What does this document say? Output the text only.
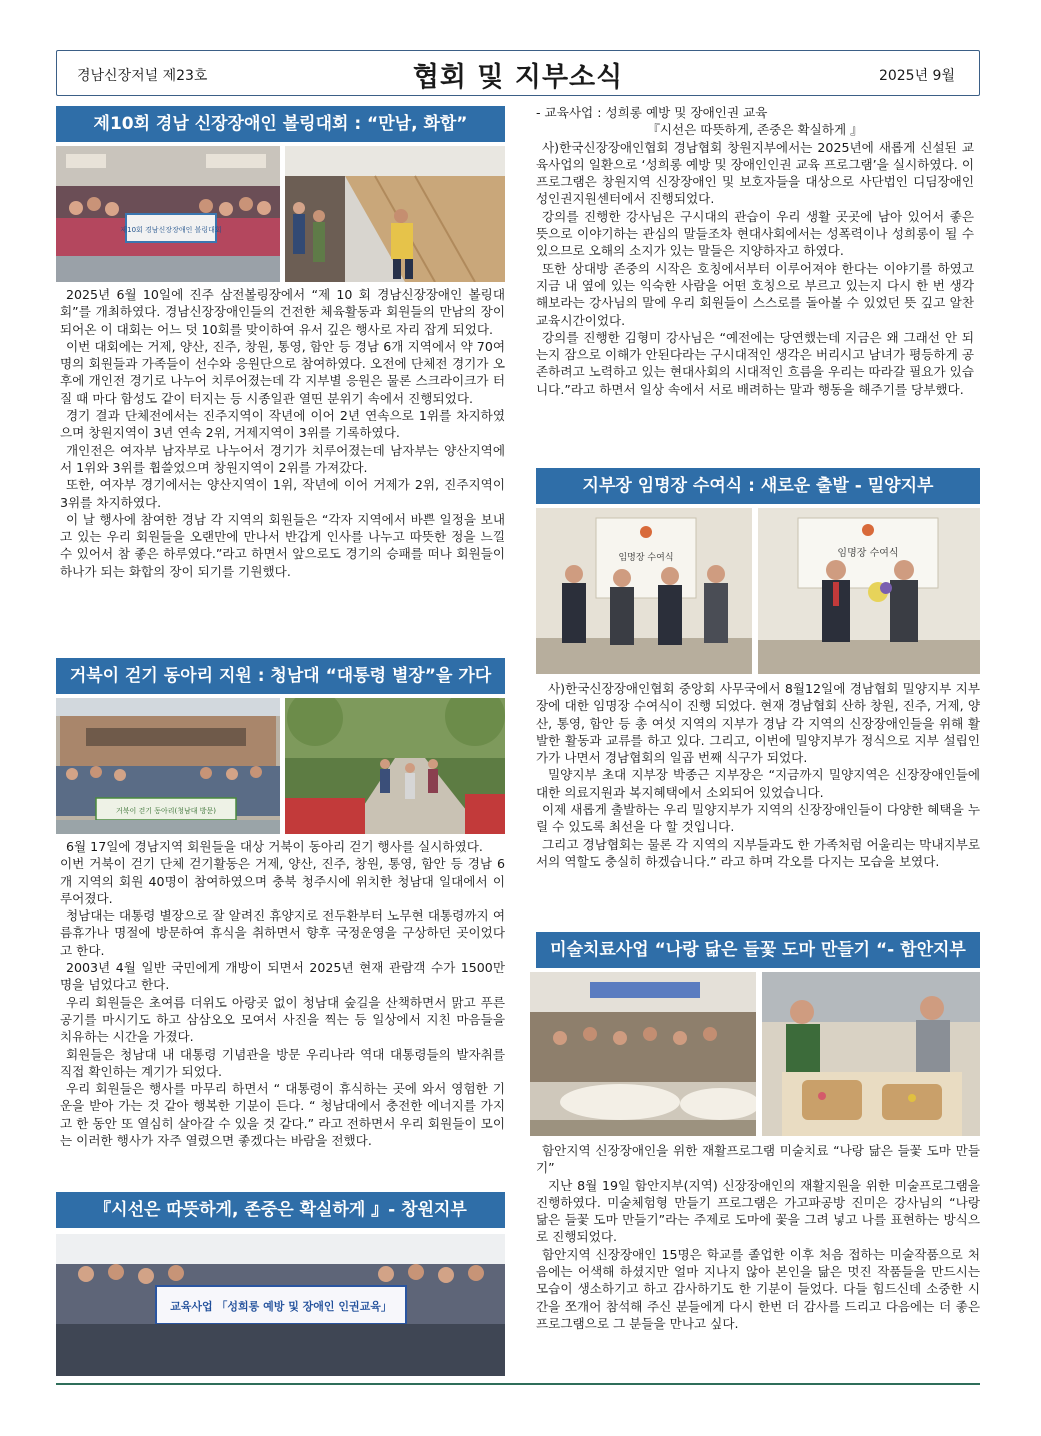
경남신장저널 제23호	협회 및 지부소식	2025년 9월
제10회 경남 신장장애인 볼링대회 : “만남, 화합”
제10회 경남신장장애인 볼링대회

2025년 6월 10일에 진주 삼전볼링장에서 “제 10 회 경남신장장애인 볼링대회”를 개최하였다. 경남신장장애인들의 건전한 체육활동과 회원들의 만남의 장이 되어온 이 대회는 어느 덧 10회를 맞이하여 유서 깊은 행사로 자리 잡게 되었다.

이번 대회에는 거제, 양산, 진주, 창원, 통영, 함안 등 경남 6개 지역에서 약 70여명의 회원들과 가족들이 선수와 응원단으로 참여하였다. 오전에 단체전 경기가 오후에 개인전 경기로 나누어 치루어졌는데 각 지부별 응원은 물론 스크라이크가 터질 때 마다 함성도 같이 터지는 등 시종일관 열띤 분위기 속에서 진행되었다.

경기 결과 단체전에서는 진주지역이 작년에 이어 2년 연속으로 1위를 차지하였으며 창원지역이 3년 연속 2위, 거제지역이 3위를 기록하였다.

개인전은 여자부 남자부로 나누어서 경기가 치루어졌는데 남자부는 양산지역에서 1위와 3위를 휩쓸었으며 창원지역이 2위를 가져갔다.

또한, 여자부 경기에서는 양산지역이 1위, 작년에 이어 거제가 2위, 진주지역이 3위를 차지하였다.

이 날 행사에 참여한 경남 각 지역의 회원들은 “각자 지역에서 바쁜 일정을 보내고 있는 우리 회원들을 오랜만에 만나서 반갑게 인사를 나누고 따뜻한 정을 느낄 수 있어서 참 좋은 하루였다.”라고 하면서 앞으로도 경기의 승패를 떠나 회원들이 하나가 되는 화합의 장이 되기를 기원했다.

거북이 걷기 동아리 지원 : 청남대 “대통령 별장”을 가다
거북이 걷기 동아리(청남대 방문)

6월 17일에 경남지역 회원들을 대상 거북이 동아리 걷기 행사를 실시하였다.

이번 거북이 걷기 단체 걷기활동은 거제, 양산, 진주, 창원, 통영, 함안 등 경남 6개 지역의 회원 40명이 참여하였으며 충북 청주시에 위치한 청남대 일대에서 이루어졌다.

청남대는 대통령 별장으로 잘 알려진 휴양지로 전두환부터 노무현 대통령까지 여름휴가나 명절에 방문하여 휴식을 취하면서 향후 국정운영을 구상하던 곳이었다고 한다.

2003년 4월 일반 국민에게 개방이 되면서 2025년 현재 관람객 수가 1500만 명을 넘었다고 한다.

우리 회원들은 초여름 더위도 아랑곳 없이 청남대 숲길을 산책하면서 맑고 푸른 공기를 마시기도 하고 삼삼오오 모여서 사진을 찍는 등 일상에서 지친 마음들을 치유하는 시간을 가졌다.

회원들은 청남대 내 대통령 기념관을 방문 우리나라 역대 대통령들의 발자취를 직접 확인하는 계기가 되었다.

우리 회원들은 행사를 마무리 하면서 “ 대통령이 휴식하는 곳에 와서 영험한 기운을 받아 가는 것 같아 행복한 기분이 든다. “ 청남대에서 충전한 에너지를 가지고 한 동안 또 열심히 살아갈 수 있을 것 같다.” 라고 전하면서 우리 회원들이 모이는 이러한 행사가 자주 열렸으면 좋겠다는 바람을 전했다.

『시선은 따뜻하게, 존중은 확실하게 』- 창원지부
교육사업 「성희롱 예방 및 장애인 인권교육」

- 교육사업 : 성희롱 예방 및 장애인권 교육

『시선은 따뜻하게, 존중은 확실하게 』

사)한국신장장애인협회 경남협회 창원지부에서는 2025년에 새롭게 신설된 교육사업의 일환으로 ‘성희롱 예방 및 장애인인권 교육 프로그램’을 실시하였다. 이 프로그램은 창원지역 신장장애인 및 보호자들을 대상으로 사단법인 디딤장애인성인권지원센터에서 진행되었다.

강의를 진행한 강사님은 구시대의 관습이 우리 생활 곳곳에 남아 있어서 좋은 뜻으로 이야기하는 관심의 말들조차 현대사회에서는 성폭력이나 성희롱이 될 수 있으므로 오해의 소지가 있는 말들은 지양하자고 하였다.

또한 상대방 존중의 시작은 호칭에서부터 이루어져야 한다는 이야기를 하였고 지금 내 옆에 있는 익숙한 사람을 어떤 호칭으로 부르고 있는지 다시 한 번 생각해보라는 강사님의 말에 우리 회원들이 스스로를 돌아볼 수 있었던 뜻 깊고 알찬 교육시간이었다.

강의를 진행한 김형미 강사님은 “예전에는 당연했는데 지금은 왜 그래선 안 되는지 잠으로 이해가 안된다라는 구시대적인 생각은 버리시고 남녀가 평등하게 공존하려고 노력하고 있는 현대사회의 시대적인 흐름을 우리는 따라갈 필요가 있습니다.”라고 하면서 일상 속에서 서로 배려하는 말과 행동을 해주기를 당부했다.

지부장 임명장 수여식 : 새로운 출발 - 밀양지부
임명장 수여식	임명장 수여식

사)한국신장장애인협회 중앙회 사무국에서 8월12일에 경남협회 밀양지부 지부장에 대한 임명장 수여식이 진행 되었다. 현재 경남협회 산하 창원, 진주, 거제, 양산, 통영, 함안 등 총 여섯 지역의 지부가 경남 각 지역의 신장장애인들을 위해 활발한 활동과 교류를 하고 있다. 그리고, 이번에 밀양지부가 정식으로 지부 설립인가가 나면서 경남협회의 일곱 번째 식구가 되었다.

밀양지부 초대 지부장 박종근 지부장은 “지금까지 밀양지역은 신장장애인들에 대한 의료지원과 복지혜택에서 소외되어 있었습니다.

이제 새롭게 출발하는 우리 밀양지부가 지역의 신장장애인들이 다양한 혜택을 누릴 수 있도록 최선을 다 할 것입니다.

그리고 경남협회는 물론 각 지역의 지부들과도 한 가족처럼 어울리는 막내지부로서의 역할도 충실히 하겠습니다.” 라고 하며 각오를 다지는 모습을 보였다.

미술치료사업 “나랑 닮은 들꽃 도마 만들기 “- 함안지부

함안지역 신장장애인을 위한 재활프로그램 미술치료 “나랑 닮은 들꽃 도마 만들기”

지난 8월 19일 함안지부(지역) 신장장애인의 재활지원을 위한 미술프로그램을 진행하였다. 미술체험형 만들기 프로그램은 가고파공방 진미은 강사님의 “나랑 닮은 들꽃 도마 만들기”라는 주제로 도마에 꽃을 그려 넣고 나를 표현하는 방식으로 진행되었다.

함안지역 신장장애인 15명은 학교를 졸업한 이후 처음 접하는 미술작품으로 처음에는 어색해 하셨지만 얼마 지나지 않아 본인을 닮은 멋진 작품들을 만드시는 모습이 생소하기고 하고 감사하기도 한 기분이 들었다. 다들 힘드신데 소중한 시간을 쪼개어 참석해 주신 분들에게 다시 한번 더 감사를 드리고 다음에는 더 좋은 프로그램으로 그 분들을 만나고 싶다.
